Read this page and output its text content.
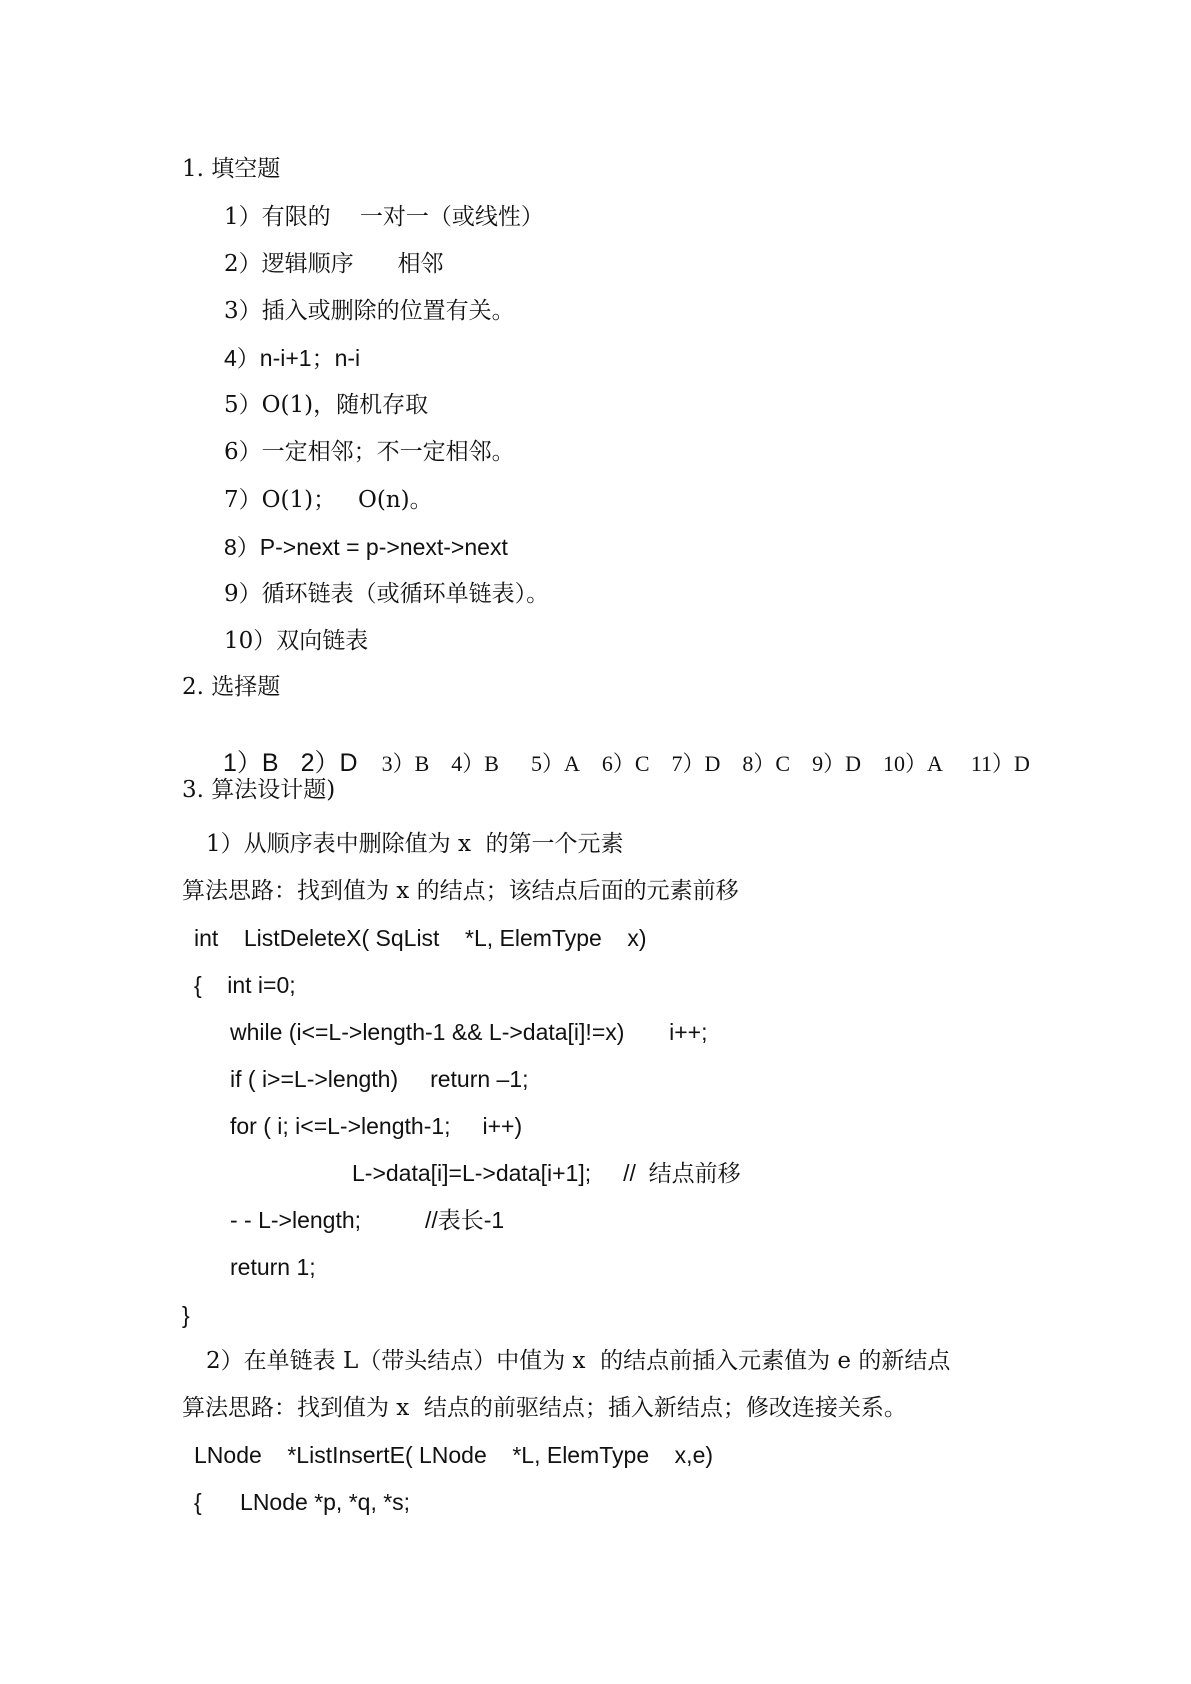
1. 填空题
1）有限的    一对一（或线性）
2）逻辑顺序      相邻
3）插入或删除的位置有关。
4）n-i+1；n-i
5）O(1)，随机存取
6）一定相邻；不一定相邻。
7）O(1)；   O(n)。
8）P->next = p->next->next
9）循环链表（或循环单链表）。
10）双向链表
2. 选择题

1）B 2）D 3）B 4）B 5）A 6）C 7）D 8）C 9）D 10）A 11）D

3. 算法设计题)
1）从顺序表中删除值为 x  的第一个元素
算法思路：找到值为 x 的结点；该结点后面的元素前移
int    ListDeleteX( SqList    *L, ElemType    x)
{    int i=0;
while (i<=L->length-1 && L->data[i]!=x)       i++;
if ( i>=L->length)     return –1;
for ( i; i<=L->length-1;     i++)
L->data[i]=L->data[i+1];     //  结点前移
- - L->length;          //表长-1
return 1;
}
2）在单链表 L（带头结点）中值为 x  的结点前插入元素值为 e 的新结点
算法思路：找到值为 x  结点的前驱结点；插入新结点；修改连接关系。
LNode    *ListInsertE( LNode    *L, ElemType    x,e)
{      LNode *p, *q, *s;
